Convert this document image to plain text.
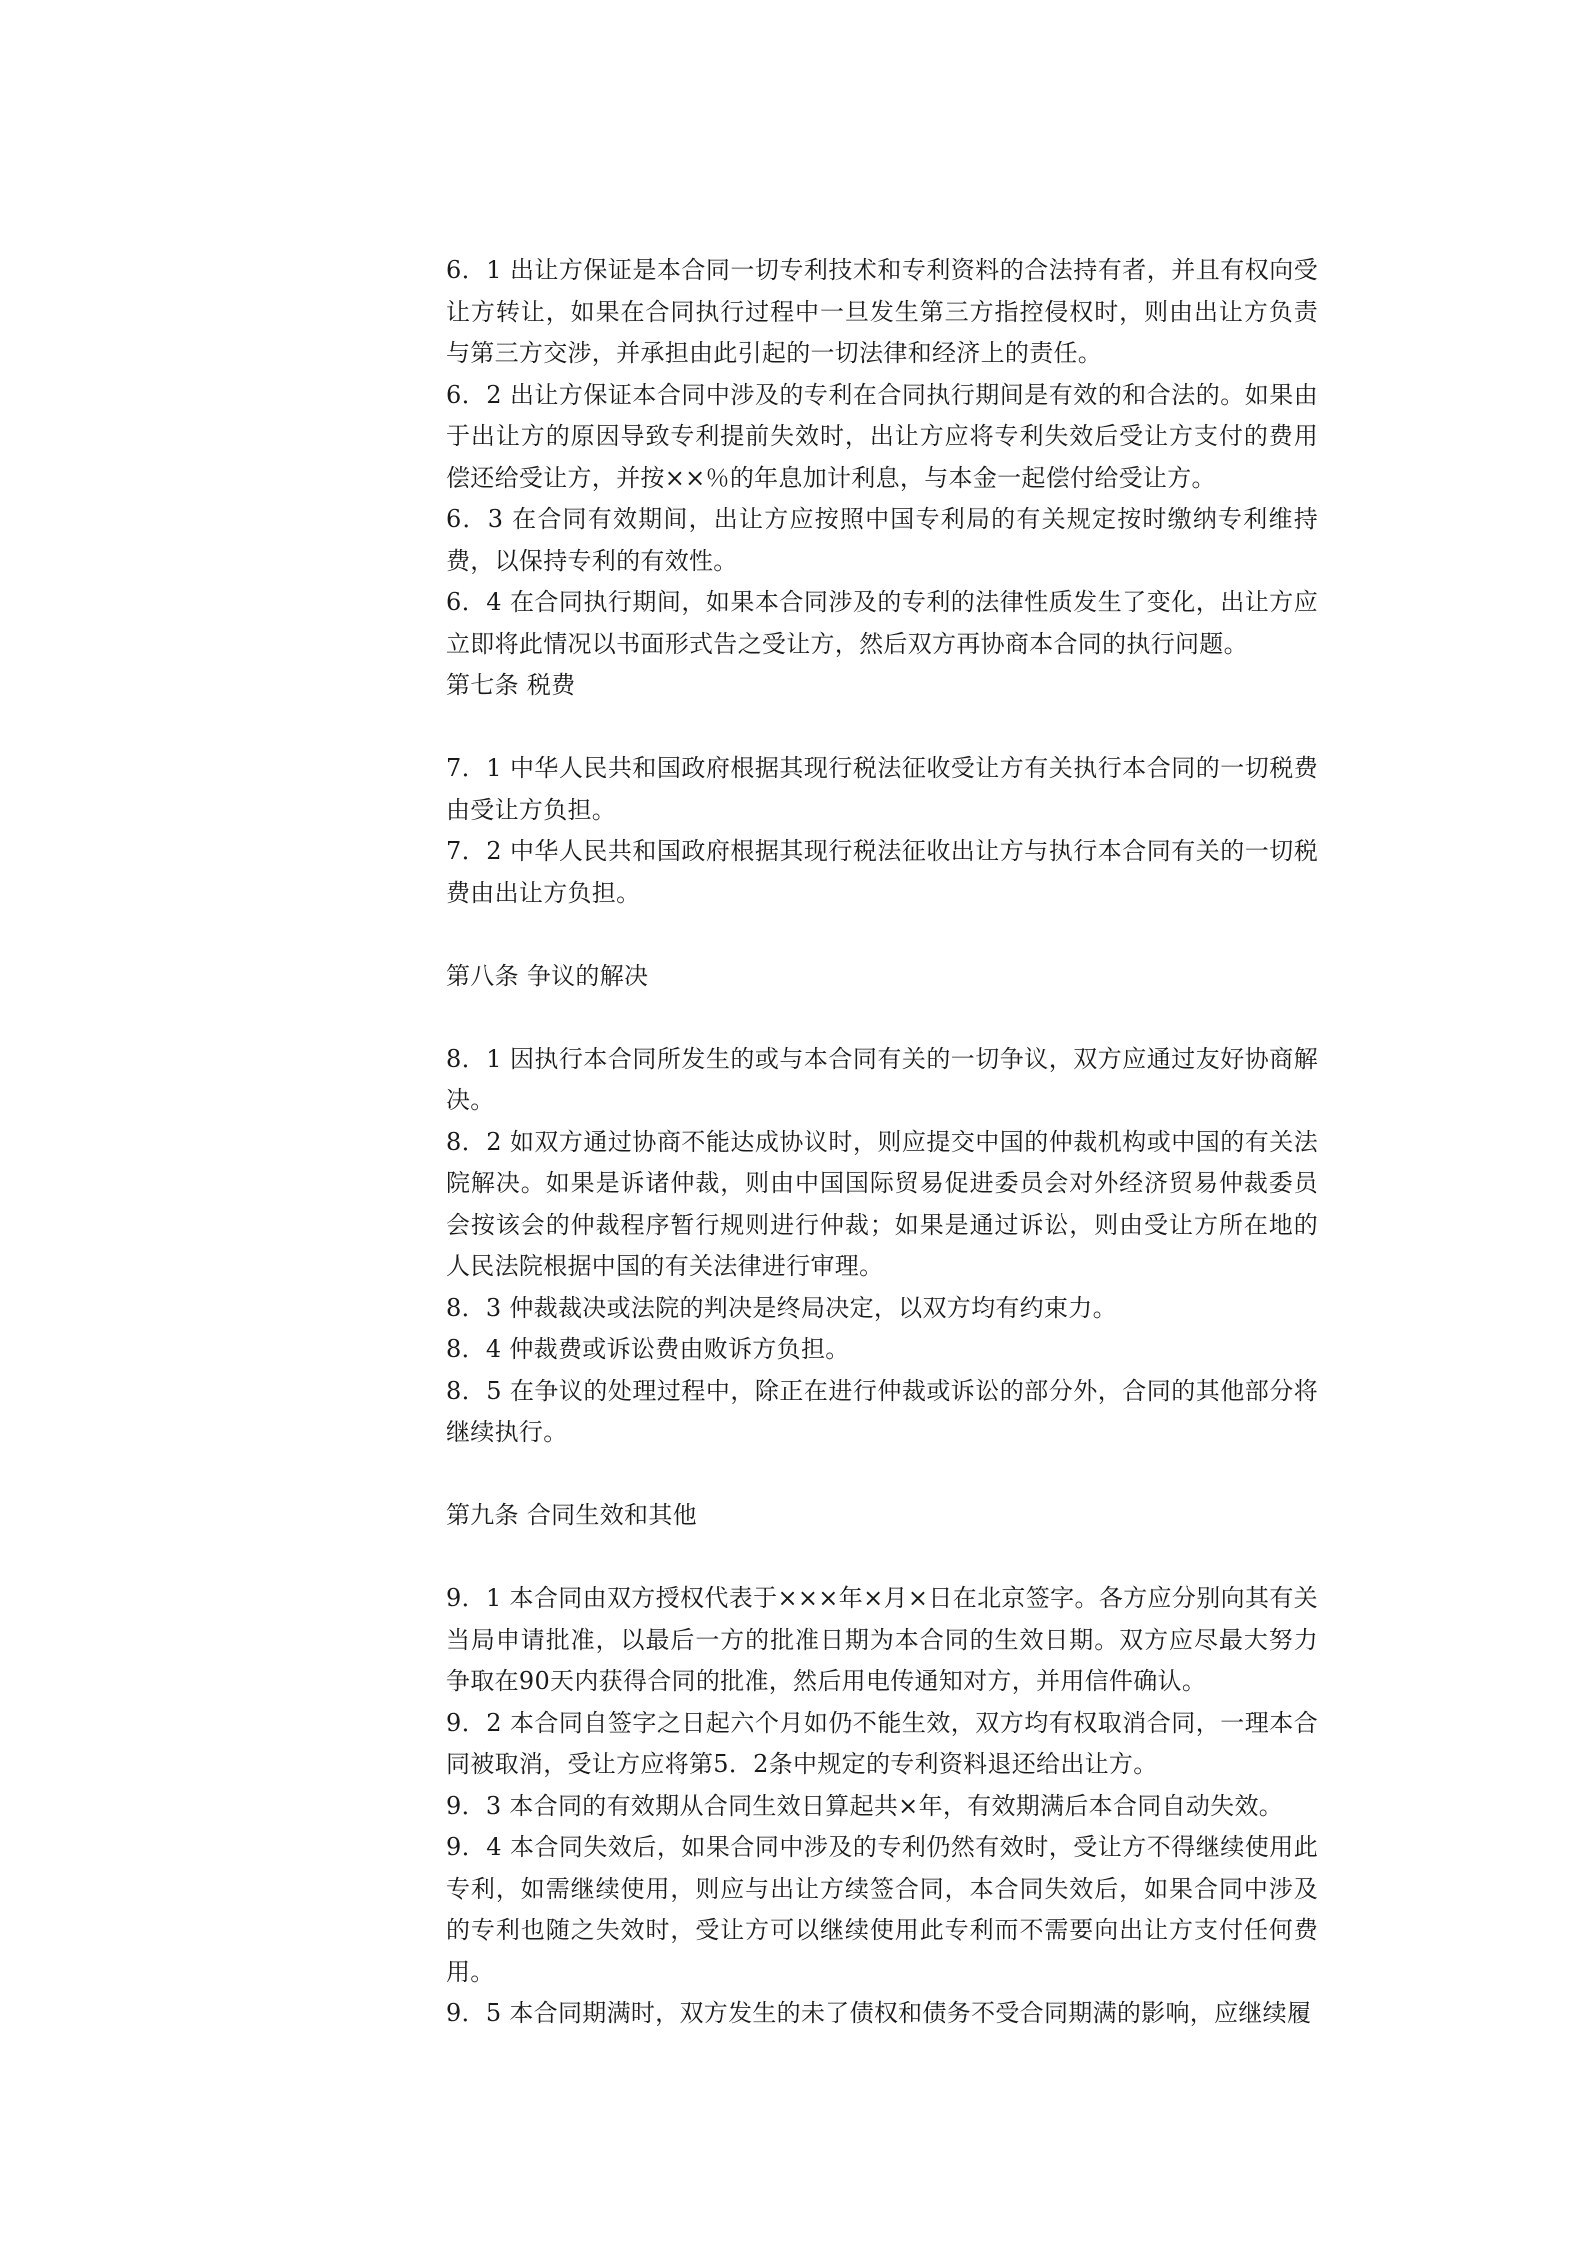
6．1 出让方保证是本合同一切专利技术和专利资料的合法持有者，并且有权向受让方转让，如果在合同执行过程中一旦发生第三方指控侵权时，则由出让方负责与第三方交涉，并承担由此引起的一切法律和经济上的责任。

6．2 出让方保证本合同中涉及的专利在合同执行期间是有效的和合法的。如果由于出让方的原因导致专利提前失效时，出让方应将专利失效后受让方支付的费用偿还给受让方，并按××％的年息加计利息，与本金一起偿付给受让方。

6．3 在合同有效期间，出让方应按照中国专利局的有关规定按时缴纳专利维持费，以保持专利的有效性。

6．4 在合同执行期间，如果本合同涉及的专利的法律性质发生了变化，出让方应立即将此情况以书面形式告之受让方，然后双方再协商本合同的执行问题。

第七条 税费

7．1 中华人民共和国政府根据其现行税法征收受让方有关执行本合同的一切税费由受让方负担。

7．2 中华人民共和国政府根据其现行税法征收出让方与执行本合同有关的一切税费由出让方负担。

第八条 争议的解决

8．1 因执行本合同所发生的或与本合同有关的一切争议，双方应通过友好协商解决。

8．2 如双方通过协商不能达成协议时，则应提交中国的仲裁机构或中国的有关法院解决。如果是诉诸仲裁，则由中国国际贸易促进委员会对外经济贸易仲裁委员会按该会的仲裁程序暂行规则进行仲裁；如果是通过诉讼，则由受让方所在地的人民法院根据中国的有关法律进行审理。

8．3 仲裁裁决或法院的判决是终局决定，以双方均有约束力。

8．4 仲裁费或诉讼费由败诉方负担。

8．5 在争议的处理过程中，除正在进行仲裁或诉讼的部分外，合同的其他部分将继续执行。

第九条 合同生效和其他

9．1 本合同由双方授权代表于×××年×月×日在北京签字。各方应分别向其有关当局申请批准，以最后一方的批准日期为本合同的生效日期。双方应尽最大努力争取在90天内获得合同的批准，然后用电传通知对方，并用信件确认。

9．2 本合同自签字之日起六个月如仍不能生效，双方均有权取消合同，一理本合同被取消，受让方应将第5．2条中规定的专利资料退还给出让方。

9．3 本合同的有效期从合同生效日算起共×年，有效期满后本合同自动失效。

9．4 本合同失效后，如果合同中涉及的专利仍然有效时，受让方不得继续使用此专利，如需继续使用，则应与出让方续签合同，本合同失效后，如果合同中涉及的专利也随之失效时，受让方可以继续使用此专利而不需要向出让方支付任何费用。

9．5 本合同期满时，双方发生的未了债权和债务不受合同期满的影响，应继续履
